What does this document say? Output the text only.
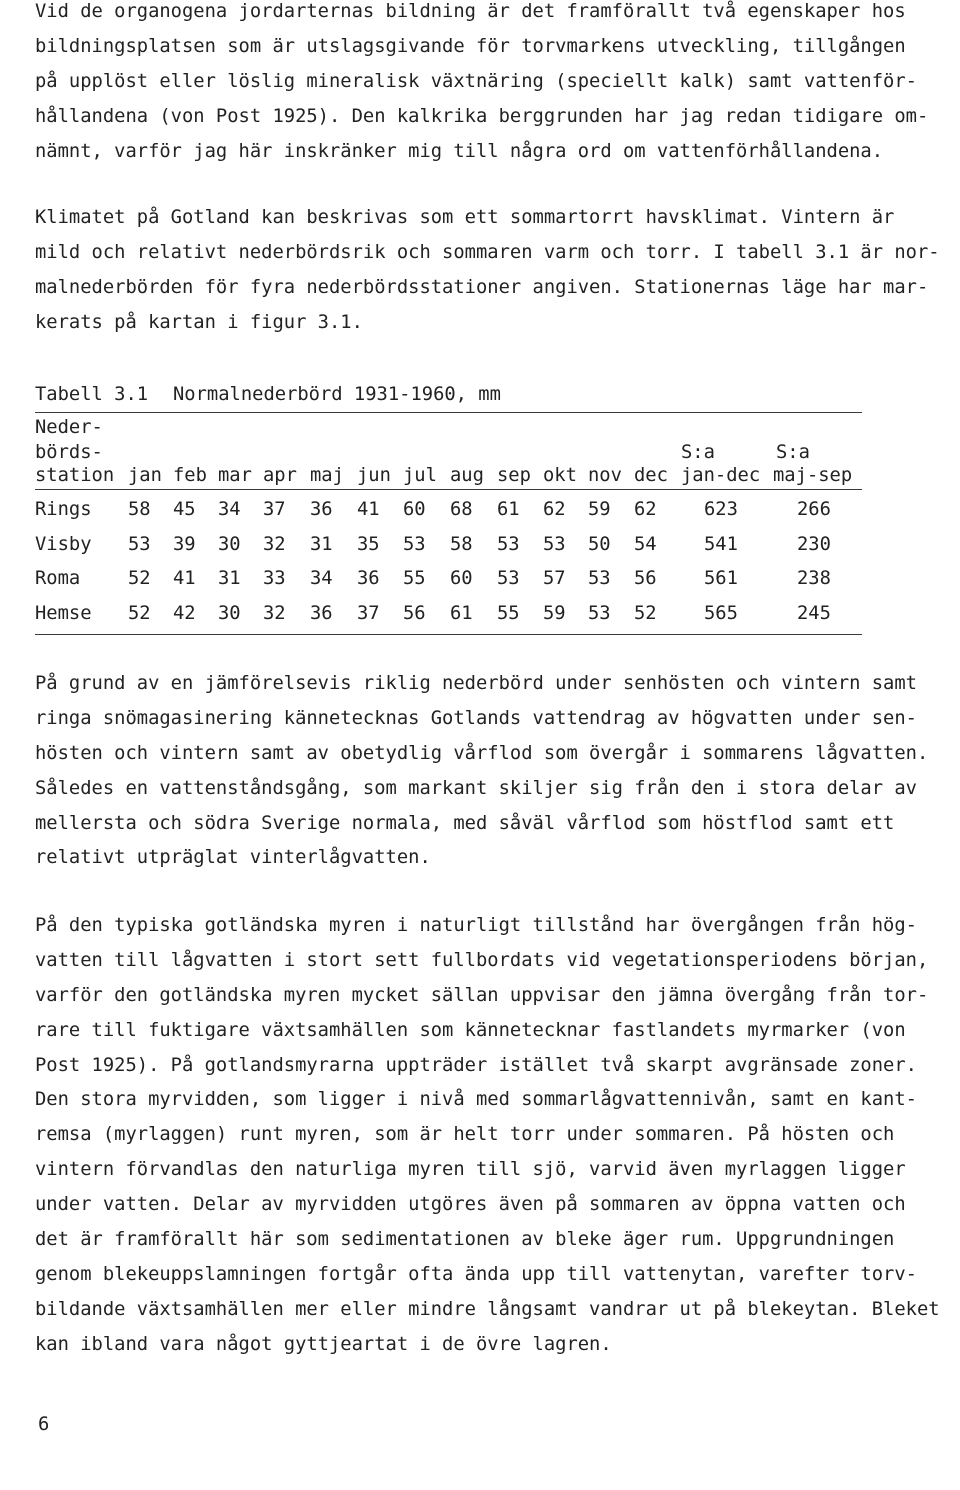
Vid de organogena jordarternas bildning är det framförallt två egenskaper hos
bildningsplatsen som är utslagsgivande för torvmarkens utveckling, tillgången
på upplöst eller löslig mineralisk växtnäring (speciellt kalk) samt vattenför-
hållandena (von Post 1925). Den kalkrika berggrunden har jag redan tidigare om-
nämnt, varför jag här inskränker mig till några ord om vattenförhållandena.
Klimatet på Gotland kan beskrivas som ett sommartorrt havsklimat. Vintern är
mild och relativt nederbördsrik och sommaren varm och torr. I tabell 3.1 är nor-
malnederbörden för fyra nederbördsstationer angiven. Stationernas läge har mar-
kerats på kartan i figur 3.1.
Tabell 3.1 Normalnederbörd 1931-1960, mm
Neder-
börds-	S:a	S:a
station jan feb mar apr maj jun jul aug sep okt nov dec jan-dec maj-sep
Rings 58 45 34 37 36 41 60 68 61 62 59 62	623	266
Visby 53 39 30 32 31 35 53 58 53 53 50 54	541	230
Roma	52 41 31 33 34 36 55 60 53 57 53 56	561	238
Hemse 52 42 30 32 36 37 56 61 55 59 53 52	565	245
På grund av en jämförelsevis riklig nederbörd under senhösten och vintern samt
ringa snömagasinering kännetecknas Gotlands vattendrag av högvatten under sen-
hösten och vintern samt av obetydlig vårflod som övergår i sommarens lågvatten.
Således en vattenståndsgång, som markant skiljer sig från den i stora delar av
mellersta och södra Sverige normala, med såväl vårflod som höstflod samt ett
relativt utpräglat vinterlågvatten.
På den typiska gotländska myren i naturligt tillstånd har övergången från hög-
vatten till lågvatten i stort sett fullbordats vid vegetationsperiodens början,
varför den gotländska myren mycket sällan uppvisar den jämna övergång från tor-
rare till fuktigare växtsamhällen som kännetecknar fastlandets myrmarker (von
Post 1925). På gotlandsmyrarna uppträder istället två skarpt avgränsade zoner.
Den stora myrvidden, som ligger i nivå med sommarlågvattennivån, samt en kant-
remsa (myrlaggen) runt myren, som är helt torr under sommaren. På hösten och
vintern förvandlas den naturliga myren till sjö, varvid även myrlaggen ligger
under vatten. Delar av myrvidden utgöres även på sommaren av öppna vatten och
det är framförallt här som sedimentationen av bleke äger rum. Uppgrundningen
genom blekeuppslamningen fortgår ofta ända upp till vattenytan, varefter torv-
bildande växtsamhällen mer eller mindre långsamt vandrar ut på blekeytan. Bleket
kan ibland vara något gyttjeartat i de övre lagren.
6
